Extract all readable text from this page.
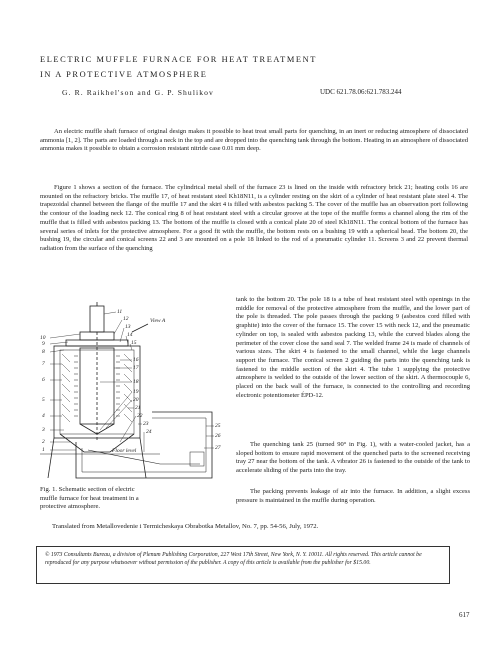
ELECTRIC MUFFLE FURNACE FOR HEAT TREATMENT
IN A PROTECTIVE ATMOSPHERE
G. R. Raikhel'son and G. P. Shulikov	UDC 621.78.06:621.783.244

An electric muffle shaft furnace of original design makes it possible to heat treat small parts for quenching, in an inert or reducing atmosphere of dissociated ammonia [1, 2]. The parts are loaded through a neck in the top and are dropped into the quenching tank through the bottom. Heating in an atmosphere of dissociated ammonia makes it possible to obtain a corrosion resistant nitride case 0.01 mm deep.

Figure 1 shows a section of the furnace. The cylindrical metal shell of the furnace 23 is lined on the inside with refractory brick 21; heating coils 16 are mounted on the refractory bricks. The muffle 17, of heat resistant steel Kh18N11, is a cylinder resting on the skirt of a cylinder of heat resistant plate steel 4. The trapezoidal channel between the flange of the muffle 17 and the skirt 4 is filled with asbestos packing 5. The cover of the muffle has an observation port following the contour of the loading neck 12. The conical ring 8 of heat resistant steel with a circular groove at the tope of the muffle forms a channel along the rim of the muffle that is filled with asbestos packing 13. The bottom of the muffle is closed with a conical plate 20 of steel Kh18N11. The conical bottom of the furnace has several series of inlets for the protective atmosphere. For a good fit with the muffle, the bottom rests on a bushing 19 with a spherical head. The bottom 20, the bushing 19, the circular and conical screens 22 and 3 are mounted on a pole 18 linked to the rod of a pneumatic cylinder 11. Screens 3 and 22 prevent thermal radiation from the surface of the quenching

View A
Floor level
10
9
8
7
6
5
4
3
2
1
11
12
13
14
15
16
17
18
19
20
21
22
23
24
25
26
27

tank to the bottom 20. The pole 18 is a tube of heat resistant steel with openings in the middle for removal of the protective atmosphere from the muffle, and the lower part of the pole is threaded. The pole passes through the packing 9 (asbestos cord filled with graphite) into the cover of the furnace 15. The cover 15 with neck 12, and the pneumatic cylinder on top, is sealed with asbestos packing 13, while the curved blades along the perimeter of the cover close the sand seal 7. The welded frame 24 is made of channels of various sizes. The skirt 4 is fastened to the small channel, while the large channels support the furnace. The conical screen 2 guiding the parts into the quenching tank is fastened to the middle section of the skirt 4. The tube 1 supplying the protective atmosphere is welded to the outside of the lower section of the skirt. A thermocouple 6, placed on the back wall of the furnace, is connected to the controlling and recording electronic potentiometer ÉPD-12.

Fig. 1. Schematic section of electric muffle furnace for heat treatment in a protective atmosphere.

The quenching tank 25 (turned 90° in Fig. 1), with a water-cooled jacket, has a sloped bottom to ensure rapid movement of the quenched parts to the screened receiving tray 27 near the bottom of the tank. A vibrator 26 is fastened to the outside of the tank to accelerate sliding of the parts into the tray.

The packing prevents leakage of air into the furnace. In addition, a slight excess pressure is maintained in the muffle during operation.

Translated from Metallovedenie i Termicheskaya Obrabotka Metallov, No. 7, pp. 54-56, July, 1972.

© 1973 Consultants Bureau, a division of Plenum Publishing Corporation, 227 West 17th Street, New York, N. Y. 10011. All rights reserved. This article cannot be reproduced for any purpose whatsoever without permission of the publisher. A copy of this article is available from the publisher for $15.00.
617
